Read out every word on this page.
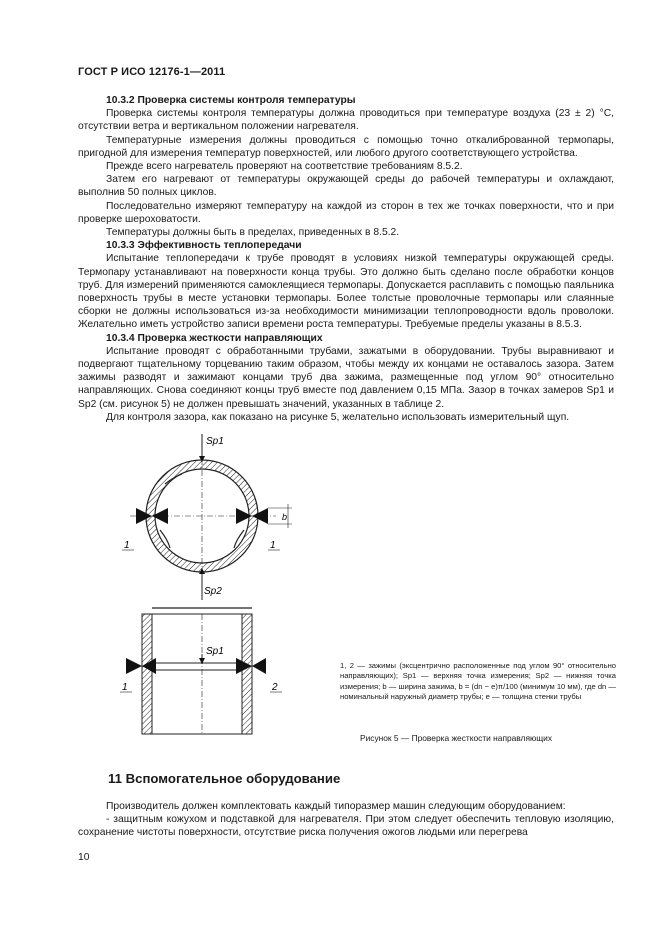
ГОСТ Р ИСО 12176-1—2011
10.3.2 Проверка системы контроля температуры

Проверка системы контроля температуры должна проводиться при температуре воздуха (23 ± 2) °С, отсутствии ветра и вертикальном положении нагревателя.

Температурные измерения должны проводиться с помощью точно откалиброванной термопары, пригодной для измерения температур поверхностей, или любого другого соответствующего устройства.

Прежде всего нагреватель проверяют на соответствие требованиям 8.5.2.

Затем его нагревают от температуры окружающей среды до рабочей температуры и охлаждают, выполнив 50 полных циклов.

Последовательно измеряют температуру на каждой из сторон в тех же точках поверхности, что и при проверке шероховатости.

Температуры должны быть в пределах, приведенных в 8.5.2.

10.3.3 Эффективность теплопередачи

Испытание теплопередачи к трубе проводят в условиях низкой температуры окружающей среды. Термопару устанавливают на поверхности конца трубы. Это должно быть сделано после обработки концов труб. Для измерений применяются самоклеящиеся термопары. Допускается расплавить с помощью паяльника поверхность трубы в месте установки термопары. Более толстые проволочные термопары или слаянные сборки не должны использоваться из-за необходимости минимизации теплопроводности вдоль проволоки. Желательно иметь устройство записи времени роста температуры. Требуемые пределы указаны в 8.5.3.

10.3.4 Проверка жесткости направляющих

Испытание проводят с обработанными трубами, зажатыми в оборудовании. Трубы выравнивают и подвергают тщательному торцеванию таким образом, чтобы между их концами не оставалось зазора. Затем зажимы разводят и зажимают концами труб два зажима, размещенные под углом 90° относительно направляющих. Снова соединяют концы труб вместе под давлением 0,15 МПа. Зазор в точках замеров Sp1 и Sp2 (см. рисунок 5) не должен превышать значений, указанных в таблице 2.

Для контроля зазора, как показано на рисунке 5, желательно использовать измерительный щуп.

b
Sp1
Sp2
1	1
Sp1
1	2
1, 2 — зажимы (эксцентрично расположенные под углом 90° относительно направляющих); Sp1 — верхняя точка измерения; Sp2 — нижняя точка измерения; b — ширина зажима, b = (dn − e)π/100 (минимум 10 мм), где dn — номинальный наружный диаметр трубы; e — толщина стенки трубы
Рисунок 5 — Проверка жесткости направляющих
11 Вспомогательное оборудование

Производитель должен комплектовать каждый типоразмер машин следующим оборудованием:

- защитным кожухом и подставкой для нагревателя. При этом следует обеспечить тепловую изоляцию, сохранение чистоты поверхности, отсутствие риска получения ожогов людьми или перегрева

10
